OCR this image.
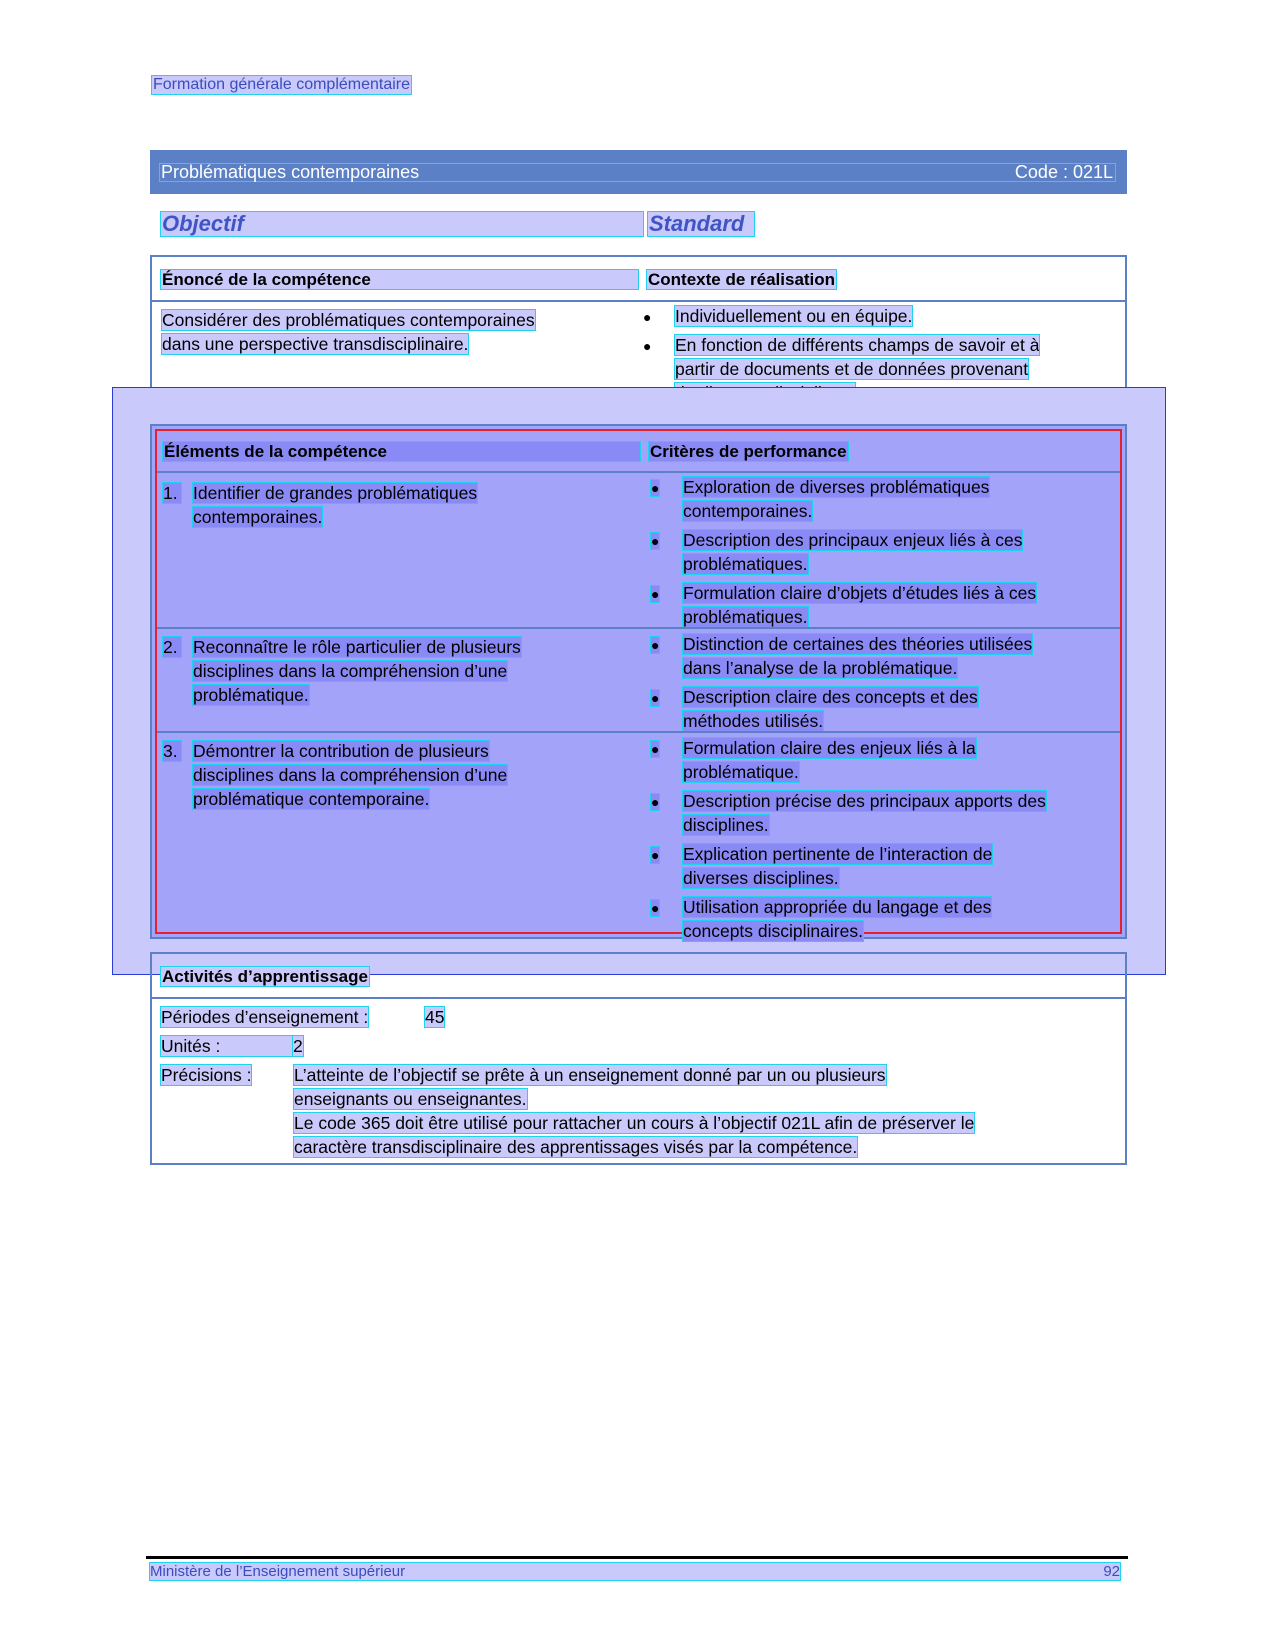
Formation générale complémentaire
Problématiques contemporaines	Code : 021L
Objectif	Standard
Énoncé de la compétence	Contexte de réalisation
Considérer des problématiques contemporaines
dans une perspective transdisciplinaire.
● Individuellement ou en équipe.
● En fonction de différents champs de savoir et à
partir de documents et de données provenant

Éléments de la compétence	Critères de performance
1. Identifier de grandes problématiques
contemporaines.
● Exploration de diverses problématiques
contemporaines.
● Description des principaux enjeux liés à ces
problématiques.
● Formulation claire d’objets d’études liés à ces
problématiques.
2. Reconnaître le rôle particulier de plusieurs
disciplines dans la compréhension d’une
problématique.
● Distinction de certaines des théories utilisées
dans l’analyse de la problématique.
● Description claire des concepts et des
méthodes utilisés.
3. Démontrer la contribution de plusieurs
disciplines dans la compréhension d’une
problématique contemporaine.
● Formulation claire des enjeux liés à la
problématique.
● Description précise des principaux apports des
disciplines.
● Explication pertinente de l’interaction de
diverses disciplines.
● Utilisation appropriée du langage et des
concepts disciplinaires.
Activités d’apprentissage
Périodes d’enseignement :	45
Unités :	2
Précisions : L’atteinte de l’objectif se prête à un enseignement donné par un ou plusieurs
enseignants ou enseignantes.
Le code 365 doit être utilisé pour rattacher un cours à l’objectif 021L afin de préserver le
caractère transdisciplinaire des apprentissages visés par la compétence.
Ministère de l’Enseignement supérieur	92
